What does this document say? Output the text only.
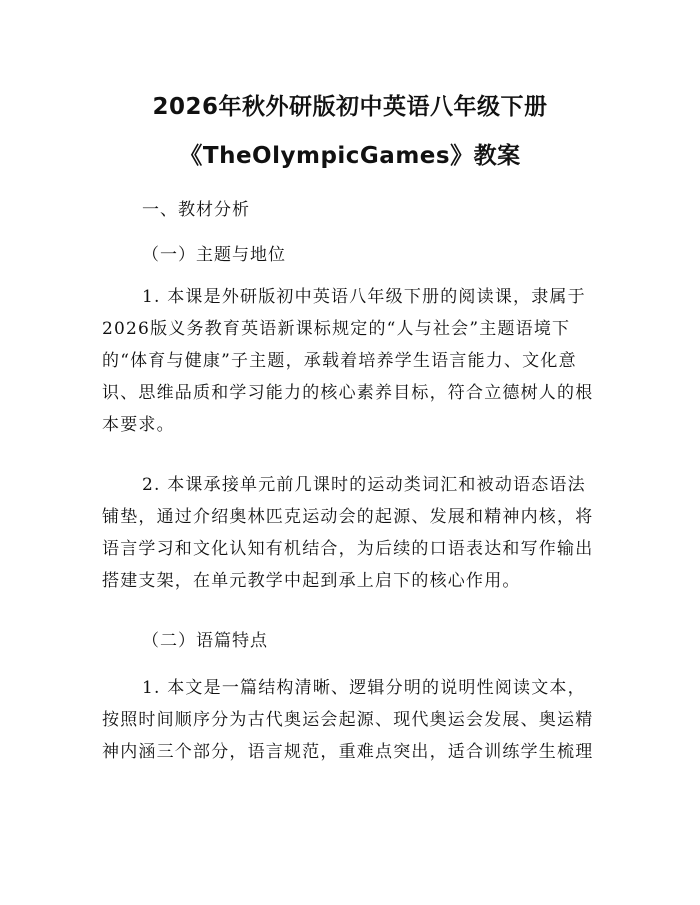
2026年秋外研版初中英语八年级下册
《TheOlympicGames》教案
一、教材分析
（一）主题与地位
1. 本课是外研版初中英语八年级下册的阅读课，隶属于
2026版义务教育英语新课标规定的“人与社会”主题语境下
的“体育与健康”子主题，承载着培养学生语言能力、文化意
识、思维品质和学习能力的核心素养目标，符合立德树人的根
本要求。
2. 本课承接单元前几课时的运动类词汇和被动语态语法
铺垫，通过介绍奥林匹克运动会的起源、发展和精神内核，将
语言学习和文化认知有机结合，为后续的口语表达和写作输出
搭建支架，在单元教学中起到承上启下的核心作用。
（二）语篇特点
1. 本文是一篇结构清晰、逻辑分明的说明性阅读文本，
按照时间顺序分为古代奥运会起源、现代奥运会发展、奥运精
神内涵三个部分，语言规范，重难点突出，适合训练学生梳理
